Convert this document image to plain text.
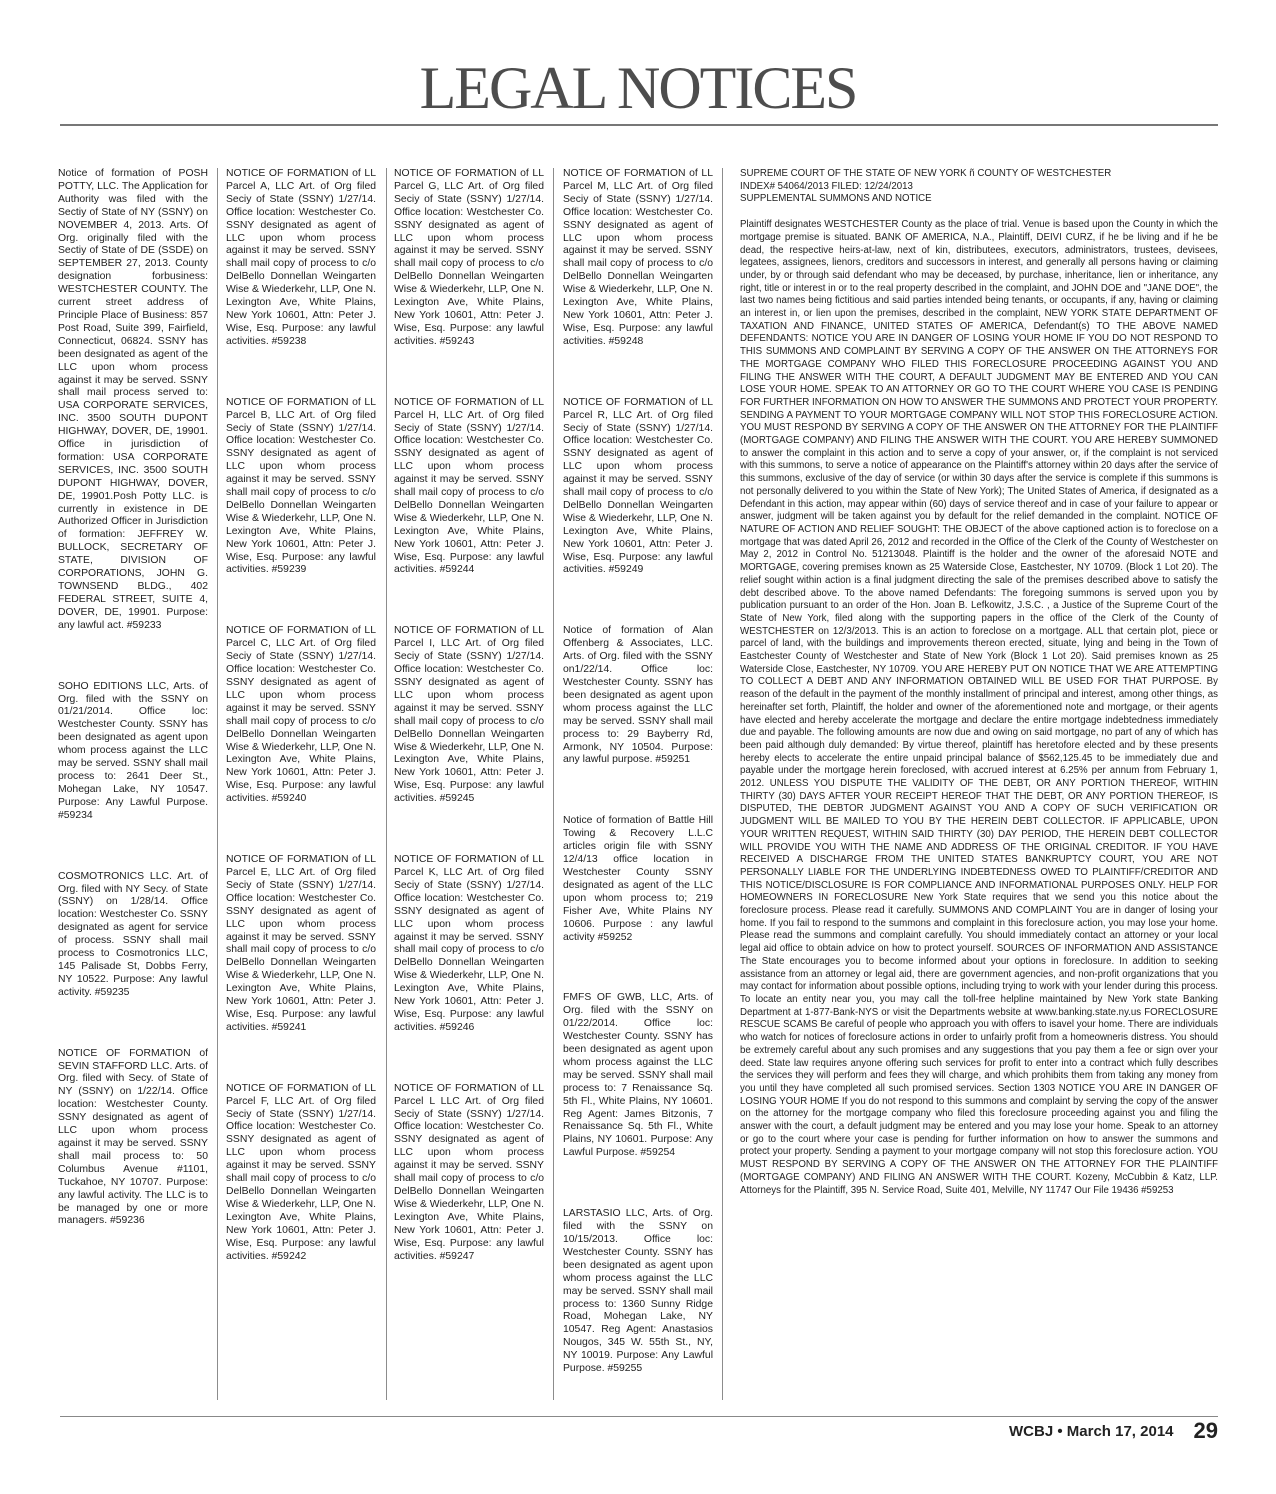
LEGAL NOTICES
Notice of formation of POSH POTTY, LLC. The Application for Authority was filed with the Sectiy of State of NY (SSNY) on NOVEMBER 4, 2013. Arts. Of Org. originally filed with the Sectiy of State of DE (SSDE) on SEPTEMBER 27, 2013. County designation forbusiness: WESTCHESTER COUNTY. The current street address of Principle Place of Business: 857 Post Road, Suite 399, Fairfield, Connecticut, 06824. SSNY has been designated as agent of the LLC upon whom process against it may be served. SSNY shall mail process served to: USA CORPORATE SERVICES, INC. 3500 SOUTH DUPONT HIGHWAY, DOVER, DE, 19901. Office in jurisdiction of formation: USA CORPORATE SERVICES, INC. 3500 SOUTH DUPONT HIGHWAY, DOVER, DE, 19901.Posh Potty LLC. is currently in existence in DE Authorized Officer in Jurisdiction of formation: JEFFREY W. BULLOCK, SECRETARY OF STATE, DIVISION OF CORPORATIONS, JOHN G. TOWNSEND BLDG., 402 FEDERAL STREET, SUITE 4, DOVER, DE, 19901. Purpose: any lawful act. #59233
SOHO EDITIONS LLC, Arts. of Org. filed with the SSNY on 01/21/2014. Office loc: Westchester County. SSNY has been designated as agent upon whom process against the LLC may be served. SSNY shall mail process to: 2641 Deer St., Mohegan Lake, NY 10547. Purpose: Any Lawful Purpose. #59234
COSMOTRONICS LLC. Art. of Org. filed with NY Secy. of State (SSNY) on 1/28/14. Office location: Westchester Co. SSNY designated as agent for service of process. SSNY shall mail process to Cosmotronics LLC, 145 Palisade St, Dobbs Ferry, NY 10522. Purpose: Any lawful activity. #59235
NOTICE OF FORMATION of SEVIN STAFFORD LLC. Arts. of Org. filed with Secy. of State of NY (SSNY) on 1/22/14. Office location: Westchester County. SSNY designated as agent of LLC upon whom process against it may be served. SSNY shall mail process to: 50 Columbus Avenue #1101, Tuckahoe, NY 10707. Purpose: any lawful activity. The LLC is to be managed by one or more managers. #59236
NOTICE OF FORMATION of LL Parcel A, LLC Art. of Org filed Seciy of State (SSNY) 1/27/14. Office location: Westchester Co. SSNY designated as agent of LLC upon whom process against it may be served. SSNY shall mail copy of process to c/o DelBello Donnellan Weingarten Wise & Wiederkehr, LLP, One N. Lexington Ave, White Plains, New York 10601, Attn: Peter J. Wise, Esq. Purpose: any lawful activities. #59238
NOTICE OF FORMATION of LL Parcel B, LLC Art. of Org filed Seciy of State (SSNY) 1/27/14. Office location: Westchester Co. SSNY designated as agent of LLC upon whom process against it may be served. SSNY shall mail copy of process to c/o DelBello Donnellan Weingarten Wise & Wiederkehr, LLP, One N. Lexington Ave, White Plains, New York 10601, Attn: Peter J. Wise, Esq. Purpose: any lawful activities. #59239
NOTICE OF FORMATION of LL Parcel C, LLC Art. of Org filed Seciy of State (SSNY) 1/27/14. Office location: Westchester Co. SSNY designated as agent of LLC upon whom process against it may be served. SSNY shall mail copy of process to c/o DelBello Donnellan Weingarten Wise & Wiederkehr, LLP, One N. Lexington Ave, White Plains, New York 10601, Attn: Peter J. Wise, Esq. Purpose: any lawful activities. #59240
NOTICE OF FORMATION of LL Parcel E, LLC Art. of Org filed Seciy of State (SSNY) 1/27/14. Office location: Westchester Co. SSNY designated as agent of LLC upon whom process against it may be served. SSNY shall mail copy of process to c/o DelBello Donnellan Weingarten Wise & Wiederkehr, LLP, One N. Lexington Ave, White Plains, New York 10601, Attn: Peter J. Wise, Esq. Purpose: any lawful activities. #59241
NOTICE OF FORMATION of LL Parcel F, LLC Art. of Org filed Seciy of State (SSNY) 1/27/14. Office location: Westchester Co. SSNY designated as agent of LLC upon whom process against it may be served. SSNY shall mail copy of process to c/o DelBello Donnellan Weingarten Wise & Wiederkehr, LLP, One N. Lexington Ave, White Plains, New York 10601, Attn: Peter J. Wise, Esq. Purpose: any lawful activities. #59242
NOTICE OF FORMATION of LL Parcel G, LLC Art. of Org filed Seciy of State (SSNY) 1/27/14. Office location: Westchester Co. SSNY designated as agent of LLC upon whom process against it may be served. SSNY shall mail copy of process to c/o DelBello Donnellan Weingarten Wise & Wiederkehr, LLP, One N. Lexington Ave, White Plains, New York 10601, Attn: Peter J. Wise, Esq. Purpose: any lawful activities. #59243
NOTICE OF FORMATION of LL Parcel H, LLC Art. of Org filed Seciy of State (SSNY) 1/27/14. Office location: Westchester Co. SSNY designated as agent of LLC upon whom process against it may be served. SSNY shall mail copy of process to c/o DelBello Donnellan Weingarten Wise & Wiederkehr, LLP, One N. Lexington Ave, White Plains, New York 10601, Attn: Peter J. Wise, Esq. Purpose: any lawful activities. #59244
NOTICE OF FORMATION of LL Parcel I, LLC Art. of Org filed Seciy of State (SSNY) 1/27/14. Office location: Westchester Co. SSNY designated as agent of LLC upon whom process against it may be served. SSNY shall mail copy of process to c/o DelBello Donnellan Weingarten Wise & Wiederkehr, LLP, One N. Lexington Ave, White Plains, New York 10601, Attn: Peter J. Wise, Esq. Purpose: any lawful activities. #59245
NOTICE OF FORMATION of LL Parcel K, LLC Art. of Org filed Seciy of State (SSNY) 1/27/14. Office location: Westchester Co. SSNY designated as agent of LLC upon whom process against it may be served. SSNY shall mail copy of process to c/o DelBello Donnellan Weingarten Wise & Wiederkehr, LLP, One N. Lexington Ave, White Plains, New York 10601, Attn: Peter J. Wise, Esq. Purpose: any lawful activities. #59246
NOTICE OF FORMATION of LL Parcel L LLC Art. of Org filed Seciy of State (SSNY) 1/27/14. Office location: Westchester Co. SSNY designated as agent of LLC upon whom process against it may be served. SSNY shall mail copy of process to c/o DelBello Donnellan Weingarten Wise & Wiederkehr, LLP, One N. Lexington Ave, White Plains, New York 10601, Attn: Peter J. Wise, Esq. Purpose: any lawful activities. #59247
NOTICE OF FORMATION of LL Parcel M, LLC Art. of Org filed Seciy of State (SSNY) 1/27/14. Office location: Westchester Co. SSNY designated as agent of LLC upon whom process against it may be served. SSNY shall mail copy of process to c/o DelBello Donnellan Weingarten Wise & Wiederkehr, LLP, One N. Lexington Ave, White Plains, New York 10601, Attn: Peter J. Wise, Esq. Purpose: any lawful activities. #59248
NOTICE OF FORMATION of LL Parcel R, LLC Art. of Org filed Seciy of State (SSNY) 1/27/14. Office location: Westchester Co. SSNY designated as agent of LLC upon whom process against it may be served. SSNY shall mail copy of process to c/o DelBello Donnellan Weingarten Wise & Wiederkehr, LLP, One N. Lexington Ave, White Plains, New York 10601, Attn: Peter J. Wise, Esq. Purpose: any lawful activities. #59249
Notice of formation of Alan Offenberg & Associates, LLC. Arts. of Org. filed with the SSNY on1/22/14. Office loc: Westchester County. SSNY has been designated as agent upon whom process against the LLC may be served. SSNY shall mail process to: 29 Bayberry Rd, Armonk, NY 10504. Purpose: any lawful purpose. #59251
Notice of formation of Battle Hill Towing & Recovery L.L.C articles origin file with SSNY 12/4/13 office location in Westchester County SSNY designated as agent of the LLC upon whom process to; 219 Fisher Ave, White Plains NY 10606. Purpose : any lawful activity #59252
FMFS OF GWB, LLC, Arts. of Org. filed with the SSNY on 01/22/2014. Office loc: Westchester County. SSNY has been designated as agent upon whom process against the LLC may be served. SSNY shall mail process to: 7 Renaissance Sq. 5th Fl., White Plains, NY 10601. Reg Agent: James Bitzonis, 7 Renaissance Sq. 5th Fl., White Plains, NY 10601. Purpose: Any Lawful Purpose. #59254
LARSTASIO LLC, Arts. of Org. filed with the SSNY on 10/15/2013. Office loc: Westchester County. SSNY has been designated as agent upon whom process against the LLC may be served. SSNY shall mail process to: 1360 Sunny Ridge Road, Mohegan Lake, NY 10547. Reg Agent: Anastasios Nougos, 345 W. 55th St., NY, NY 10019. Purpose: Any Lawful Purpose. #59255
SUPREME COURT OF THE STATE OF NEW YORK ñ COUNTY OF WESTCHESTER
INDEX# 54064/2013 FILED: 12/24/2013
SUPPLEMENTAL SUMMONS AND NOTICE
Plaintiff designates WESTCHESTER County as the place of trial. Venue is based upon the County in which the mortgage premise is situated. BANK OF AMERICA, N.A., Plaintiff, DEIVI CURZ, if he be living and if he be dead, the respective heirs-at-law, next of kin, distributees, executors, administrators, trustees, devisees, legatees, assignees, lienors, creditors and successors in interest, and generally all persons having or claiming under, by or through said defendant who may be deceased, by purchase, inheritance, lien or inheritance, any right, title or interest in or to the real property described in the complaint, and JOHN DOE and "JANE DOE", the last two names being fictitious and said parties intended being tenants, or occupants, if any, having or claiming an interest in, or lien upon the premises, described in the complaint, NEW YORK STATE DEPARTMENT OF TAXATION AND FINANCE, UNITED STATES OF AMERICA, Defendant(s) TO THE ABOVE NAMED DEFENDANTS: NOTICE YOU ARE IN DANGER OF LOSING YOUR HOME IF YOU DO NOT RESPOND TO THIS SUMMONS AND COMPLAINT BY SERVING A COPY OF THE ANSWER ON THE ATTORNEYS FOR THE MORTGAGE COMPANY WHO FILED THIS FORECLOSURE PROCEEDING AGAINST YOU AND FILING THE ANSWER WITH THE COURT, A DEFAULT JUDGMENT MAY BE ENTERED AND YOU CAN LOSE YOUR HOME. SPEAK TO AN ATTORNEY OR GO TO THE COURT WHERE YOU CASE IS PENDING FOR FURTHER INFORMATION ON HOW TO ANSWER THE SUMMONS AND PROTECT YOUR PROPERTY. SENDING A PAYMENT TO YOUR MORTGAGE COMPANY WILL NOT STOP THIS FORECLOSURE ACTION. YOU MUST RESPOND BY SERVING A COPY OF THE ANSWER ON THE ATTORNEY FOR THE PLAINTIFF (MORTGAGE COMPANY) AND FILING THE ANSWER WITH THE COURT. YOU ARE HEREBY SUMMONED to answer the complaint in this action and to serve a copy of your answer, or, if the complaint is not serviced with this summons, to serve a notice of appearance on the Plaintiff's attorney within 20 days after the service of this summons, exclusive of the day of service (or within 30 days after the service is complete if this summons is not personally delivered to you within the State of New York); The United States of America, if designated as a Defendant in this action, may appear within (60) days of service thereof and in case of your failure to appear or answer, judgment will be taken against you by default for the relief demanded in the complaint. NOTICE OF NATURE OF ACTION AND RELIEF SOUGHT: THE OBJECT of the above captioned action is to foreclose on a mortgage that was dated April 26, 2012 and recorded in the Office of the Clerk of the County of Westchester on May 2, 2012 in Control No. 51213048. Plaintiff is the holder and the owner of the aforesaid NOTE and MORTGAGE, covering premises known as 25 Waterside Close, Eastchester, NY 10709. (Block 1 Lot 20). The relief sought within action is a final judgment directing the sale of the premises described above to satisfy the debt described above. To the above named Defendants: The foregoing summons is served upon you by publication pursuant to an order of the Hon. Joan B. Lefkowitz, J.S.C. , a Justice of the Supreme Court of the State of New York, filed along with the supporting papers in the office of the Clerk of the County of WESTCHESTER on 12/3/2013. This is an action to foreclose on a mortgage. ALL that certain plot, piece or parcel of land, with the buildings and improvements thereon erected, situate, lying and being in the Town of Eastchester County of Westchester and State of New York (Block 1 Lot 20). Said premises known as 25 Waterside Close, Eastchester, NY 10709. YOU ARE HEREBY PUT ON NOTICE THAT WE ARE ATTEMPTING TO COLLECT A DEBT AND ANY INFORMATION OBTAINED WILL BE USED FOR THAT PURPOSE. By reason of the default in the payment of the monthly installment of principal and interest, among other things, as hereinafter set forth, Plaintiff, the holder and owner of the aforementioned note and mortgage, or their agents have elected and hereby accelerate the mortgage and declare the entire mortgage indebtedness immediately due and payable. The following amounts are now due and owing on said mortgage, no part of any of which has been paid although duly demanded: By virtue thereof, plaintiff has heretofore elected and by these presents hereby elects to accelerate the entire unpaid principal balance of $562,125.45 to be immediately due and payable under the mortgage herein foreclosed, with accrued interest at 6.25% per annum from February 1, 2012. UNLESS YOU DISPUTE THE VALIDITY OF THE DEBT, OR ANY PORTION THEREOF, WITHIN THIRTY (30) DAYS AFTER YOUR RECEIPT HEREOF THAT THE DEBT, OR ANY PORTION THEREOF, IS DISPUTED, THE DEBTOR JUDGMENT AGAINST YOU AND A COPY OF SUCH VERIFICATION OR JUDGMENT WILL BE MAILED TO YOU BY THE HEREIN DEBT COLLECTOR. IF APPLICABLE, UPON YOUR WRITTEN REQUEST, WITHIN SAID THIRTY (30) DAY PERIOD, THE HEREIN DEBT COLLECTOR WILL PROVIDE YOU WITH THE NAME AND ADDRESS OF THE ORIGINAL CREDITOR. IF YOU HAVE RECEIVED A DISCHARGE FROM THE UNITED STATES BANKRUPTCY COURT, YOU ARE NOT PERSONALLY LIABLE FOR THE UNDERLYING INDEBTEDNESS OWED TO PLAINTIFF/CREDITOR AND THIS NOTICE/DISCLOSURE IS FOR COMPLIANCE AND INFORMATIONAL PURPOSES ONLY. HELP FOR HOMEOWNERS IN FORECLOSURE New York State requires that we send you this notice about the foreclosure process. Please read it carefully. SUMMONS AND COMPLAINT You are in danger of losing your home. If you fail to respond to the summons and complaint in this foreclosure action, you may lose your home. Please read the summons and complaint carefully. You should immediately contact an attorney or your local legal aid office to obtain advice on how to protect yourself. SOURCES OF INFORMATION AND ASSISTANCE The State encourages you to become informed about your options in foreclosure. In addition to seeking assistance from an attorney or legal aid, there are government agencies, and non-profit organizations that you may contact for information about possible options, including trying to work with your lender during this process. To locate an entity near you, you may call the toll-free helpline maintained by New York state Banking Department at 1-877-Bank-NYS or visit the Departments website at www.banking.state.ny.us FORECLOSURE RESCUE SCAMS Be careful of people who approach you with offers to isavel your home. There are individuals who watch for notices of foreclosure actions in order to unfairly profit from a homeowneris distress. You should be extremely careful about any such promises and any suggestions that you pay them a fee or sign over your deed. State law requires anyone offering such services for profit to enter into a contract which fully describes the services they will perform and fees they will charge, and which prohibits them from taking any money from you until they have completed all such promised services. Section 1303 NOTICE YOU ARE IN DANGER OF LOSING YOUR HOME If you do not respond to this summons and complaint by serving the copy of the answer on the attorney for the mortgage company who filed this foreclosure proceeding against you and filing the answer with the court, a default judgment may be entered and you may lose your home. Speak to an attorney or go to the court where your case is pending for further information on how to answer the summons and protect your property. Sending a payment to your mortgage company will not stop this foreclosure action. YOU MUST RESPOND BY SERVING A COPY OF THE ANSWER ON THE ATTORNEY FOR THE PLAINTIFF (MORTGAGE COMPANY) AND FILING AN ANSWER WITH THE COURT. Kozeny, McCubbin & Katz, LLP. Attorneys for the Plaintiff, 395 N. Service Road, Suite 401, Melville, NY 11747 Our File 19436 #59253
WCBJ • March 17, 2014 29
